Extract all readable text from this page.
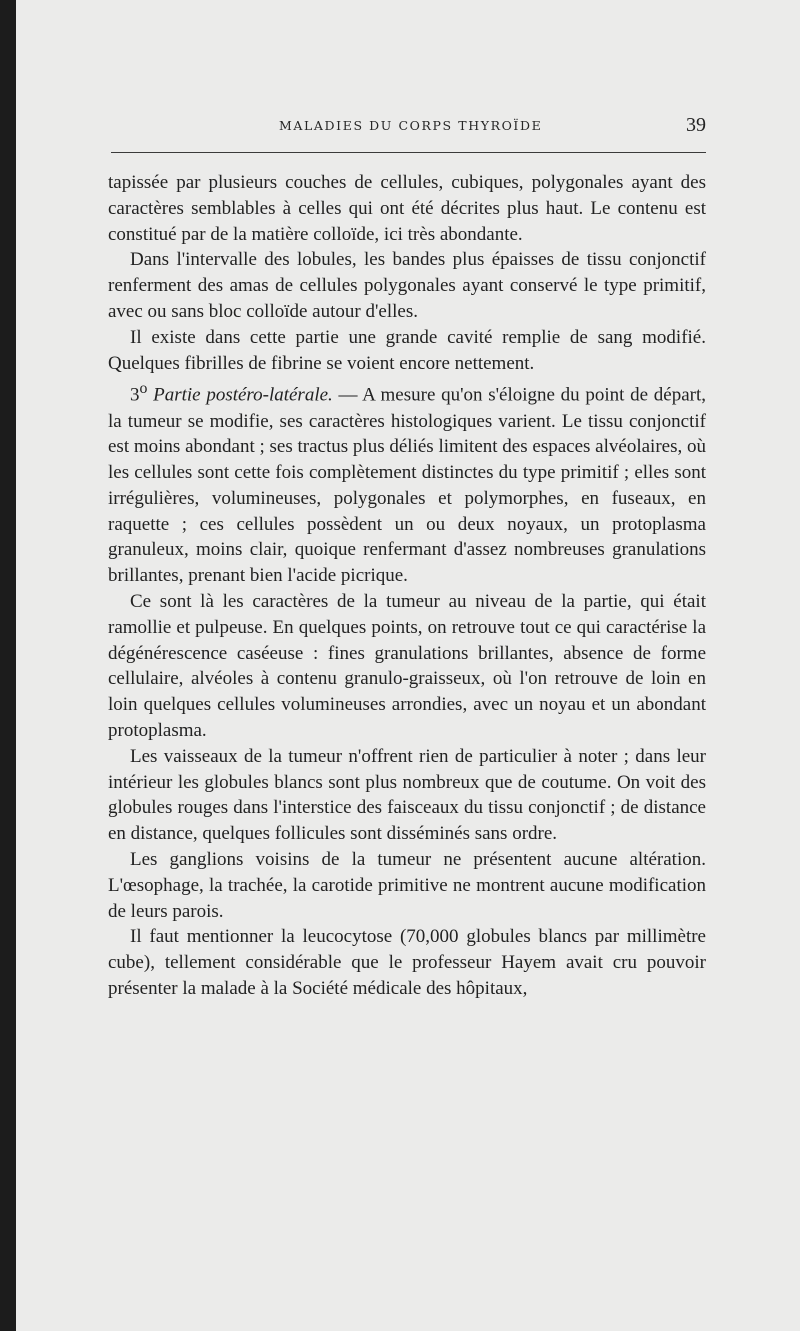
MALADIES DU CORPS THYROÏDE	39

tapissée par plusieurs couches de cellules, cubiques, polygonales ayant des caractères semblables à celles qui ont été décrites plus haut. Le contenu est constitué par de la matière colloïde, ici très abondante.

Dans l'intervalle des lobules, les bandes plus épaisses de tissu conjonctif renferment des amas de cellules polygonales ayant conservé le type primitif, avec ou sans bloc colloïde autour d'elles.

Il existe dans cette partie une grande cavité remplie de sang modifié. Quelques fibrilles de fibrine se voient encore nettement.

3$^o$ Partie postéro-latérale. — A mesure qu'on s'éloigne du point de départ, la tumeur se modifie, ses caractères histologiques varient. Le tissu conjonctif est moins abondant ; ses tractus plus déliés limitent des espaces alvéolaires, où les cellules sont cette fois complètement distinctes du type primitif ; elles sont irrégulières, volumineuses, polygonales et polymorphes, en fuseaux, en raquette ; ces cellules possèdent un ou deux noyaux, un protoplasma granuleux, moins clair, quoique renfermant d'assez nombreuses granulations brillantes, prenant bien l'acide picrique.

Ce sont là les caractères de la tumeur au niveau de la partie, qui était ramollie et pulpeuse. En quelques points, on retrouve tout ce qui caractérise la dégénérescence caséeuse : fines granulations brillantes, absence de forme cellulaire, alvéoles à contenu granulo-graisseux, où l'on retrouve de loin en loin quelques cellules volumineuses arrondies, avec un noyau et un abondant protoplasma.

Les vaisseaux de la tumeur n'offrent rien de particulier à noter ; dans leur intérieur les globules blancs sont plus nombreux que de coutume. On voit des globules rouges dans l'interstice des faisceaux du tissu conjonctif ; de distance en distance, quelques follicules sont disséminés sans ordre.

Les ganglions voisins de la tumeur ne présentent aucune altération. L'œsophage, la trachée, la carotide primitive ne montrent aucune modification de leurs parois.

Il faut mentionner la leucocytose (70,000 globules blancs par millimètre cube), tellement considérable que le professeur Hayem avait cru pouvoir présenter la malade à la Société médicale des hôpitaux,
